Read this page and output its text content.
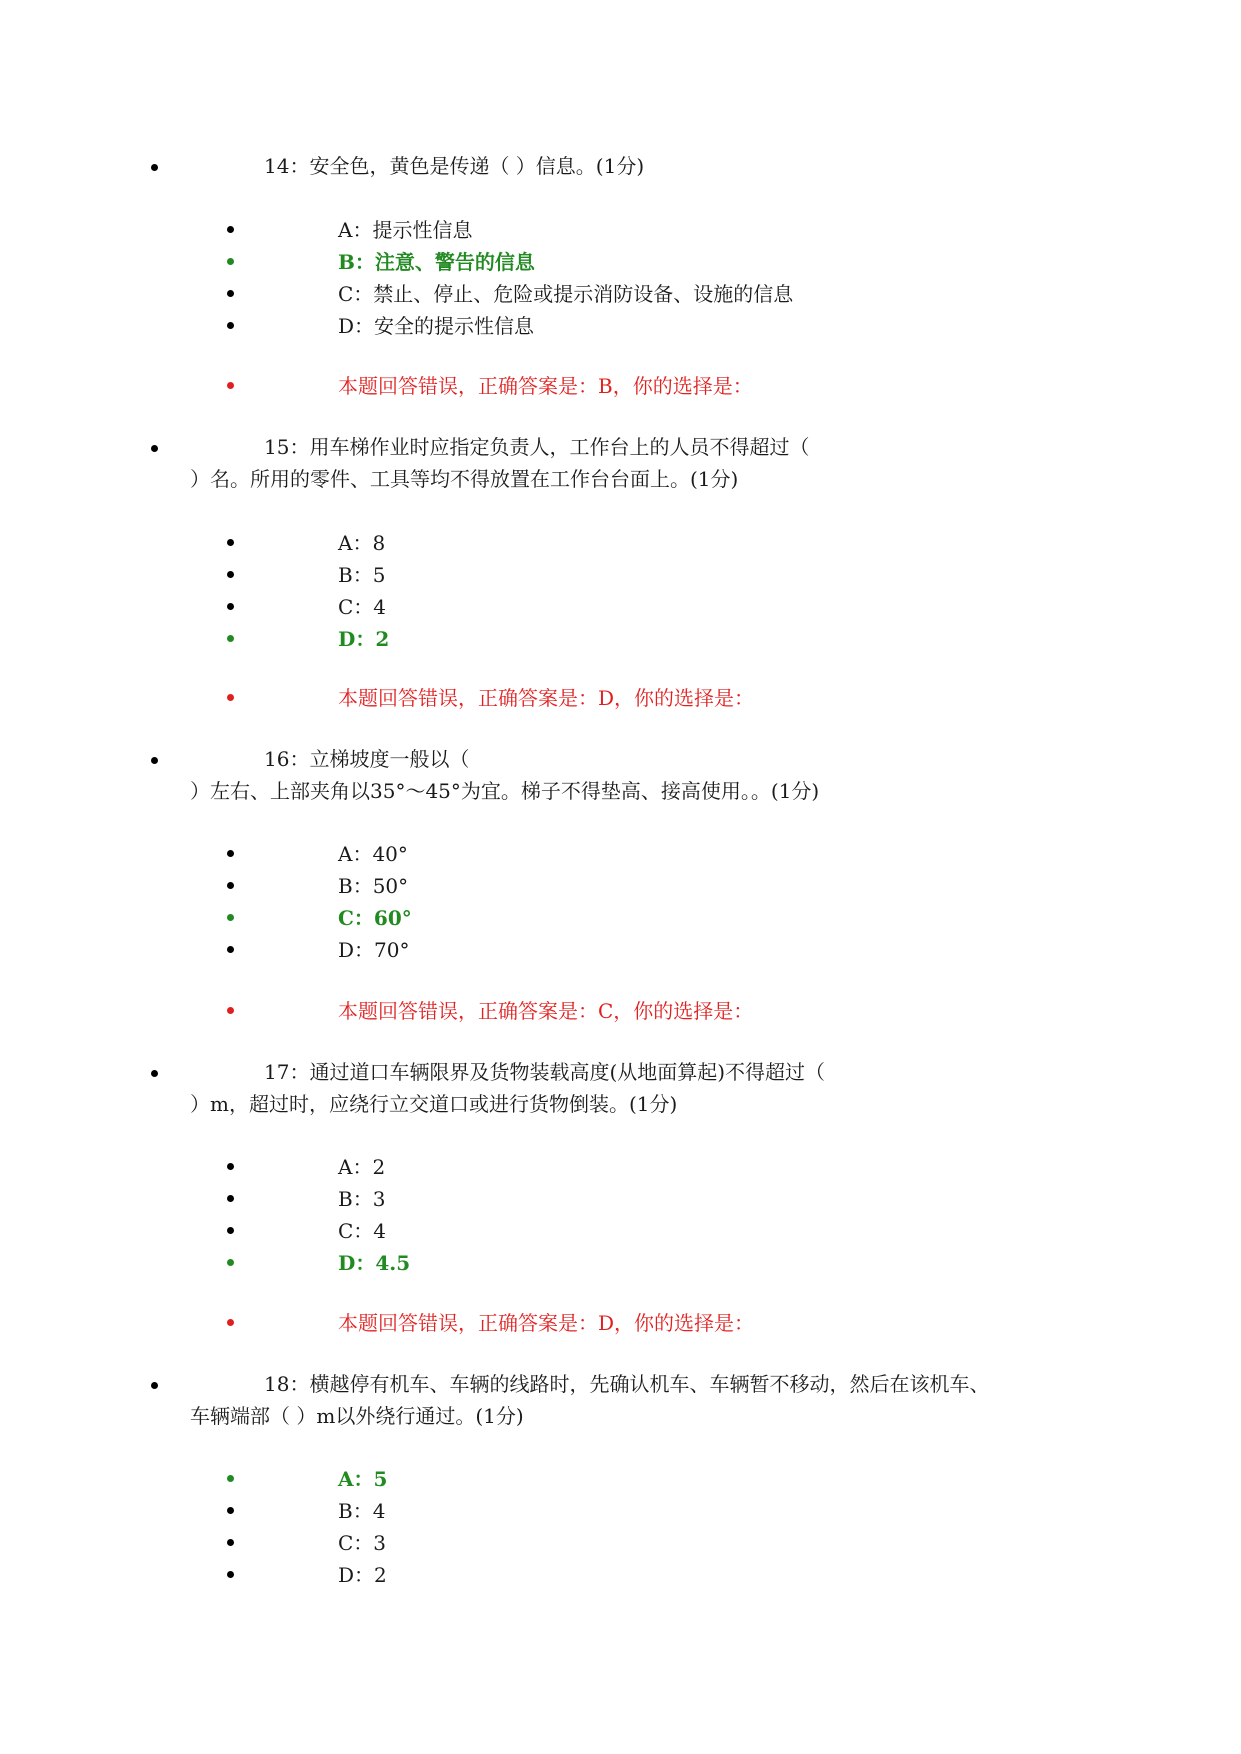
14：安全色，黄色是传递（ ）信息。(1分)
A：提示性信息
B：注意、警告的信息
C：禁止、停止、危险或提示消防设备、设施的信息
D：安全的提示性信息
本题回答错误，正确答案是：B，你的选择是：
15：用车梯作业时应指定负责人，工作台上的人员不得超过（
）名。所用的零件、工具等均不得放置在工作台台面上。(1分)
A：8
B：5
C：4
D：2
本题回答错误，正确答案是：D，你的选择是：
16：立梯坡度一般以（
）左右、上部夹角以35°～45°为宜。梯子不得垫高、接高使用。。(1分)
A：40°
B：50°
C：60°
D：70°
本题回答错误，正确答案是：C，你的选择是：
17：通过道口车辆限界及货物装载高度(从地面算起)不得超过（
）m，超过时，应绕行立交道口或进行货物倒装。(1分)
A：2
B：3
C：4
D：4.5
本题回答错误，正确答案是：D，你的选择是：
18：横越停有机车、车辆的线路时，先确认机车、车辆暂不移动，然后在该机车、
车辆端部（ ）m以外绕行通过。(1分)
A：5
B：4
C：3
D：2
